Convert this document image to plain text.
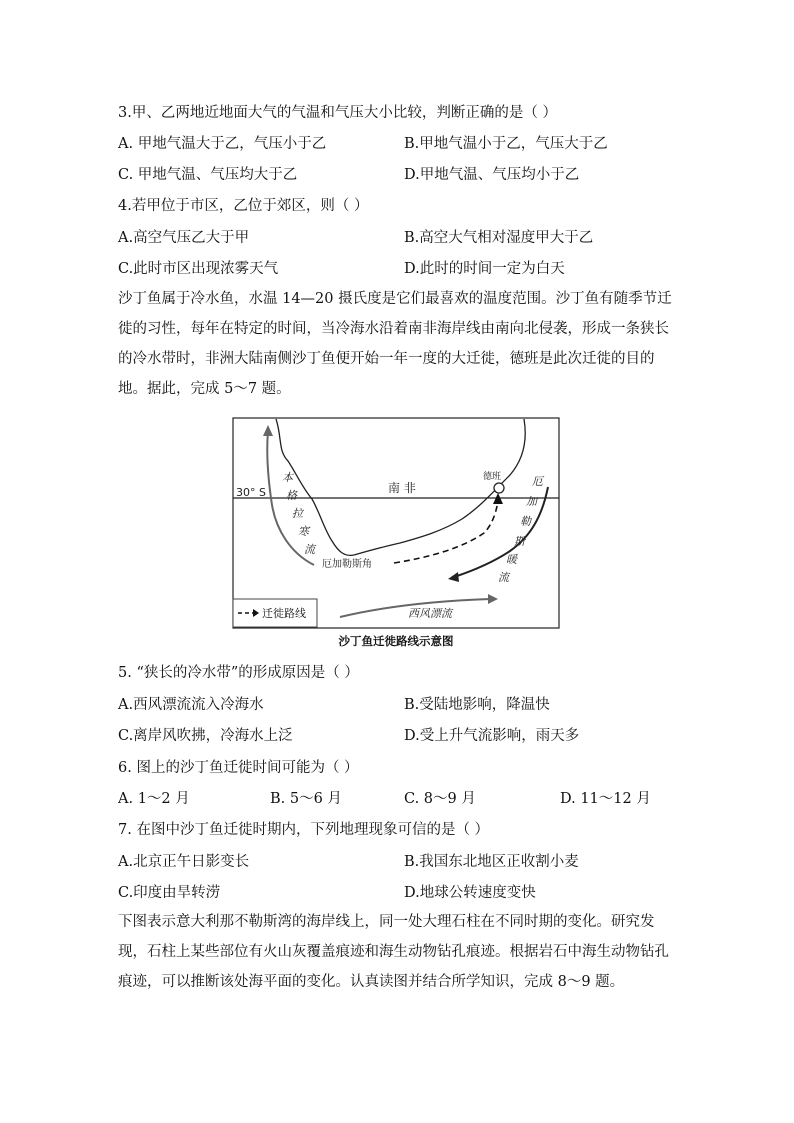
3.甲、乙两地近地面大气的气温和气压大小比较，判断正确的是（ ）
A. 甲地气温大于乙，气压小于乙	B.甲地气温小于乙，气压大于乙
C. 甲地气温、气压均大于乙	D.甲地气温、气压均小于乙
4.若甲位于市区，乙位于郊区，则（ ）
A.高空气压乙大于甲	B.高空大气相对湿度甲大于乙
C.此时市区出现浓雾天气	D.此时的时间一定为白天
沙丁鱼属于冷水鱼，水温 14—20 摄氏度是它们最喜欢的温度范围。沙丁鱼有随季节迁徙的习性，每年在特定的时间，当冷海水沿着南非海岸线由南向北侵袭，形成一条狭长的冷水带时，非洲大陆南侧沙丁鱼便开始一年一度的大迁徙，德班是此次迁徙的目的地。据此，完成 5～7 题。
德班
30° S	南 非
厄加勒斯角
本
格
拉
寒
流
厄
加
勒
斯
暖
流
西风漂流
迁徙路线
沙丁鱼迁徙路线示意图
5. “狭长的冷水带”的形成原因是（ ）
A.西风漂流流入冷海水	B.受陆地影响，降温快
C.离岸风吹拂，冷海水上泛	D.受上升气流影响，雨天多
6. 图上的沙丁鱼迁徙时间可能为（ ）
A. 1～2 月	B. 5～6 月	C. 8～9 月	D. 11～12 月
7. 在图中沙丁鱼迁徙时期内，下列地理现象可信的是（ ）
A.北京正午日影变长	B.我国东北地区正收割小麦
C.印度由旱转涝	D.地球公转速度变快
下图表示意大利那不勒斯湾的海岸线上，同一处大理石柱在不同时期的变化。研究发现，石柱上某些部位有火山灰覆盖痕迹和海生动物钻孔痕迹。根据岩石中海生动物钻孔痕迹，可以推断该处海平面的变化。认真读图并结合所学知识，完成 8～9 题。
